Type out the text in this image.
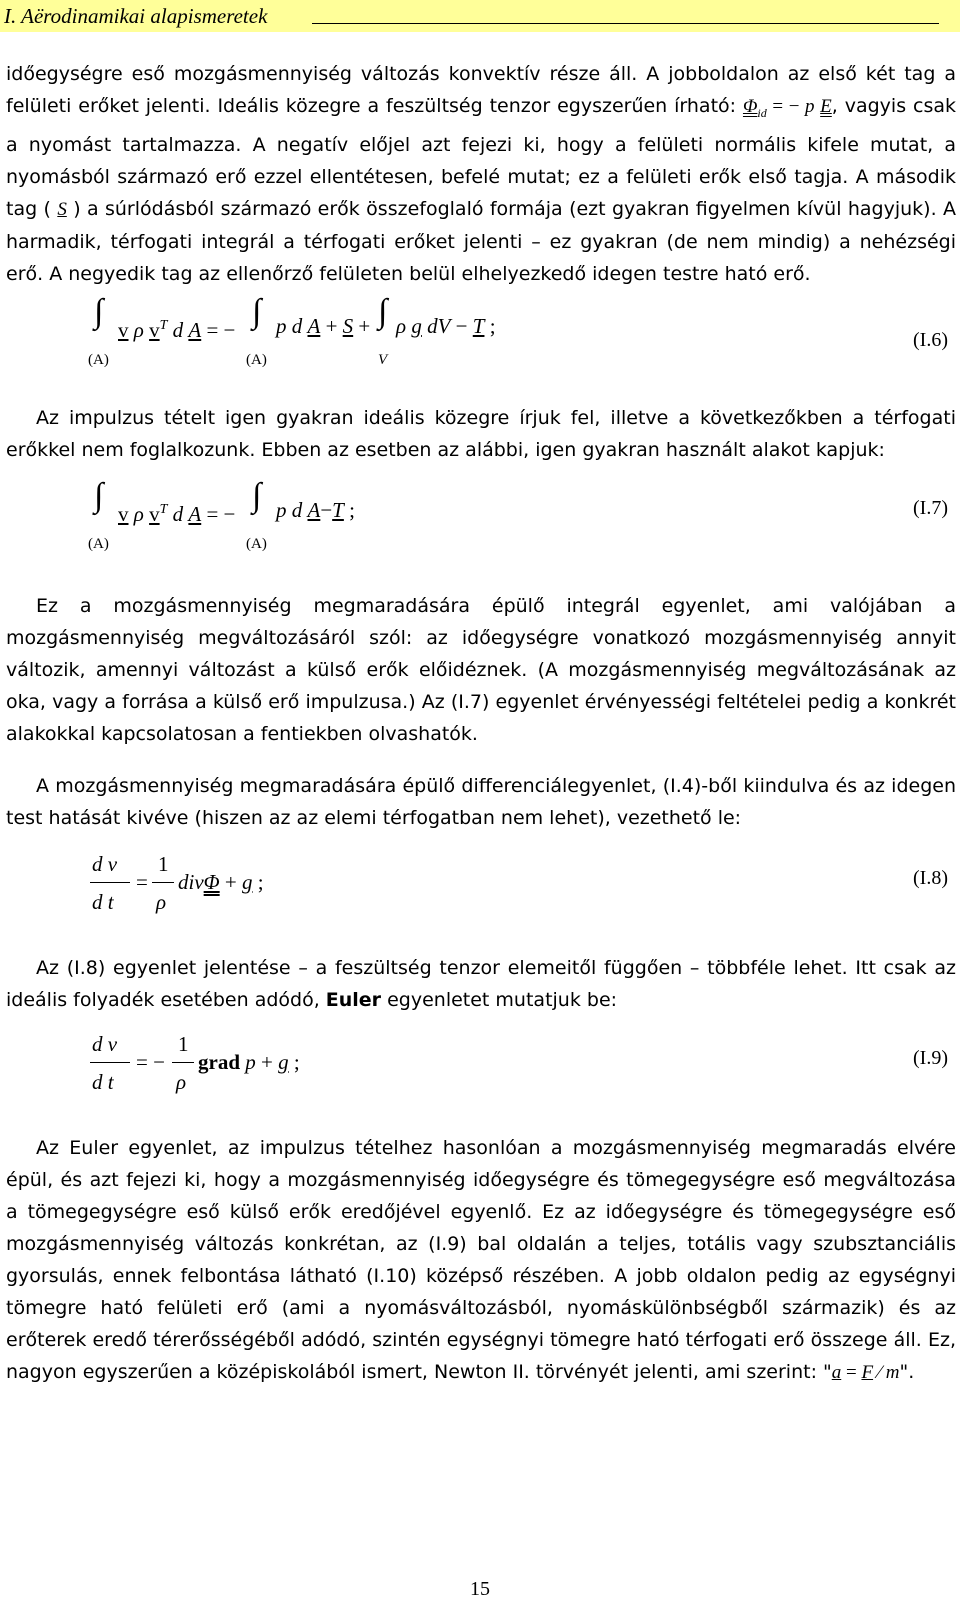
I. Aërodinamikai alapismeretek

időegységre eső mozgásmennyiség változás konvektív része áll. A jobboldalon az első két tag a felületi erőket jelenti. Ideális közegre a feszültség tenzor egyszerűen írható: $\Phi_{id}$ = − p E, vagyis csak a nyomást tartalmazza. A negatív előjel azt fejezi ki, hogy a felületi normális kifele mutat, a nyomásból származó erő ezzel ellentétesen, befelé mutat; ez a felületi erők első tagja. A második tag ( S ) a súrlódásból származó erők összefoglaló formája (ezt gyakran figyelmen kívül hagyjuk). A harmadik, térfogati integrál a térfogati erőket jelenti – ez gyakran (de nem mindig) a nehézségi erő. A negyedik tag az ellenőrző felületen belül elhelyezkedő idegen testre ható erő.

∫
(A)
v ρ $v^T$ d A = − ∫
(A)
p d A + S + ∫
V
ρ g dV − T ;
(I.6)

Az impulzus tételt igen gyakran ideális közegre írjuk fel, illetve a következőkben a térfogati erőkkel nem foglalkozunk. Ebben az esetben az alábbi, igen gyakran használt alakot kapjuk:

∫
(A)
v ρ $v^T$ d A = − ∫
(A)
p d A−T ;	(I.7)

Ez a mozgásmennyiség megmaradására épülő integrál egyenlet, ami valójában a mozgásmennyiség megváltozásáról szól: az időegységre vonatkozó mozgásmennyiség annyit változik, amennyi változást a külső erők előidéznek. (A mozgásmennyiség megváltozásának az oka, vagy a forrása a külső erő impulzusa.) Az (I.7) egyenlet érvényességi feltételei pedig a konkrét alakokkal kapcsolatosan a fentiekben olvashatók.

A mozgásmennyiség megmaradására épülő differenciálegyenlet, (I.4)-ből kiindulva és az idegen test hatását kivéve (hiszen az az elemi térfogatban nem lehet), vezethető le:

d v
d t
=
1
ρ
divΦ + g ;	(I.8)

Az (I.8) egyenlet jelentése – a feszültség tenzor elemeitől függően – többféle lehet. Itt csak az ideális folyadék esetében adódó, Euler egyenletet mutatjuk be:

d v
d t
= −
1
ρ
grad p + g ;	(I.9)

Az Euler egyenlet, az impulzus tételhez hasonlóan a mozgásmennyiség megmaradás elvére épül, és azt fejezi ki, hogy a mozgásmennyiség időegységre és tömegegységre eső megváltozása a tömegegységre eső külső erők eredőjével egyenlő. Ez az időegységre és tömegegységre eső mozgásmennyiség változás konkrétan, az (I.9) bal oldalán a teljes, totális vagy szubsztanciális gyorsulás, ennek felbontása látható (I.10) középső részében. A jobb oldalon pedig az egységnyi tömegre ható felületi erő (ami a nyomásváltozásból, nyomáskülönbségből származik) és az erőterek eredő térerősségéből adódó, szintén egységnyi tömegre ható térfogati erő összege áll. Ez, nagyon egyszerűen a középiskolából ismert, Newton II. törvényét jelenti, ami szerint: "a = F ⁄ m".

15
